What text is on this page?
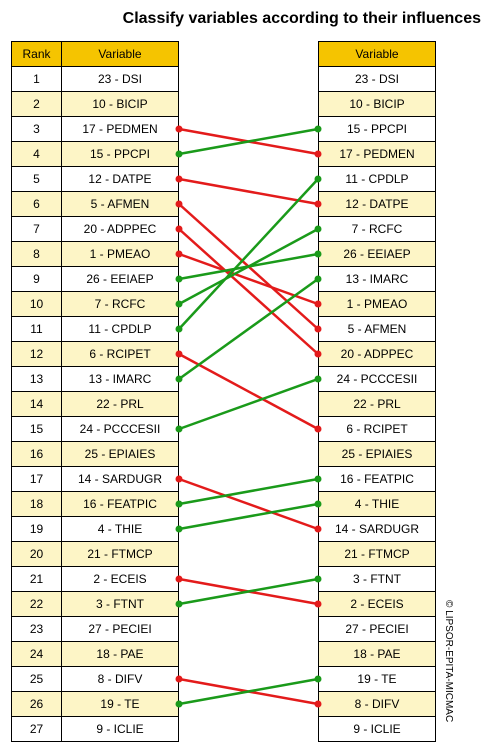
Classify variables according to their influences
Rank	Variable
1	23 - DSI
2	10 - BICIP
3	17 - PEDMEN
4	15 - PPCPI
5	12 - DATPE
6	5 - AFMEN
7	20 - ADPPEC
8	1 - PMEAO
9	26 - EEIAEP
10	7 - RCFC
11	11 - CPDLP
12	6 - RCIPET
13	13 - IMARC
14	22 - PRL
15	24 - PCCCESII
16	25 - EPIAIES
17	14 - SARDUGR
18	16 - FEATPIC
19	4 - THIE
20	21 - FTMCP
21	2 - ECEIS
22	3 - FTNT
23	27 - PECIEI
24	18 - PAE
25	8 - DIFV
26	19 - TE
27	9 - ICLIE
Variable
23 - DSI
10 - BICIP
15 - PPCPI
17 - PEDMEN
11 - CPDLP
12 - DATPE
7 - RCFC
26 - EEIAEP
13 - IMARC
1 - PMEAO
5 - AFMEN
20 - ADPPEC
24 - PCCCESII
22 - PRL
6 - RCIPET
25 - EPIAIES
16 - FEATPIC
4 - THIE
14 - SARDUGR
21 - FTMCP
3 - FTNT
2 - ECEIS
27 - PECIEI
18 - PAE
19 - TE
8 - DIFV
9 - ICLIE
© LIPSOR-EPITA-MICMAC
